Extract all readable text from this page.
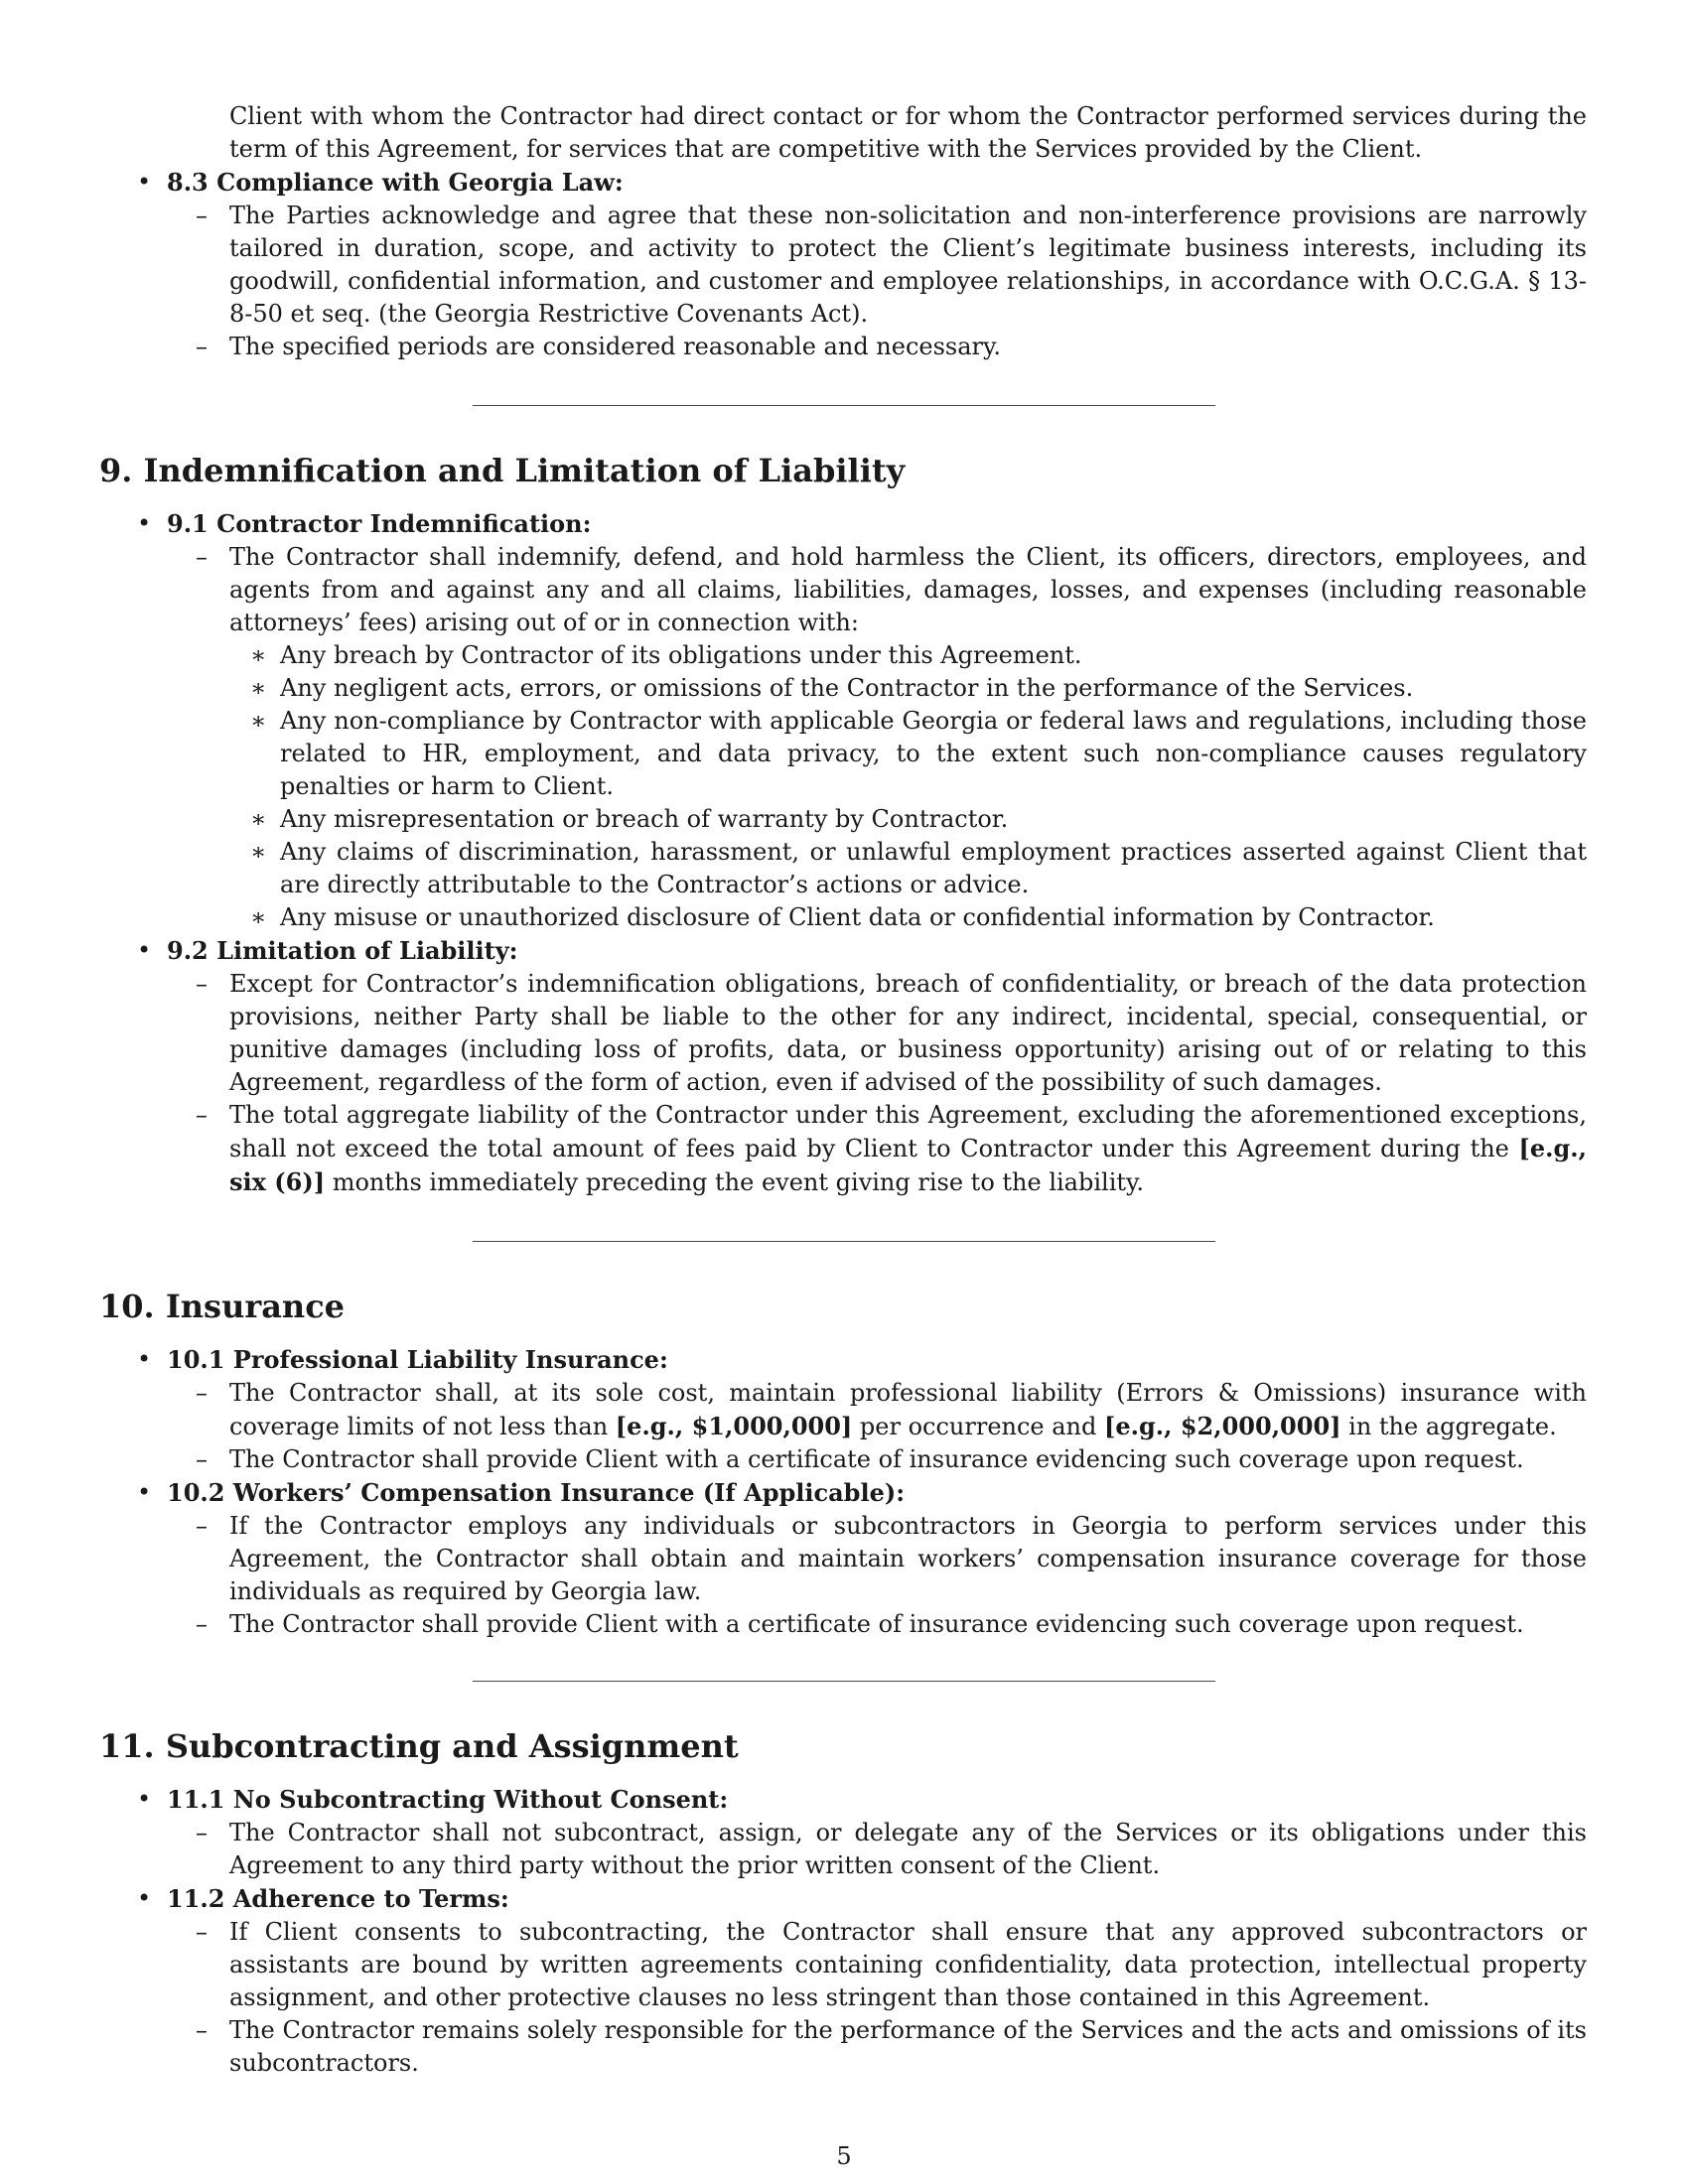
Client with whom the Contractor had direct contact or for whom the Contractor performed services during the term of this Agreement, for services that are competitive with the Services provided by the Client.

• 8.3 Compliance with Georgia Law:
– The Parties acknowledge and agree that these non-solicitation and non-interference provisions are narrowly tailored in duration, scope, and activity to protect the Client’s legitimate business interests, including its goodwill, confidential information, and customer and employee relationships, in accordance with O.C.G.A. § 13-8-50 et seq. (the Georgia Restrictive Covenants Act).
– The specified periods are considered reasonable and necessary.
9. Indemnification and Limitation of Liability
• 9.1 Contractor Indemnification:
– The Contractor shall indemnify, defend, and hold harmless the Client, its officers, directors, employees, and agents from and against any and all claims, liabilities, damages, losses, and expenses (including reasonable attorneys’ fees) arising out of or in connection with:
∗ Any breach by Contractor of its obligations under this Agreement.
∗ Any negligent acts, errors, or omissions of the Contractor in the performance of the Services.
∗ Any non-compliance by Contractor with applicable Georgia or federal laws and regulations, including those related to HR, employment, and data privacy, to the extent such non-compliance causes regulatory penalties or harm to Client.
∗ Any misrepresentation or breach of warranty by Contractor.
∗ Any claims of discrimination, harassment, or unlawful employment practices asserted against Client that are directly attributable to the Contractor’s actions or advice.
∗ Any misuse or unauthorized disclosure of Client data or confidential information by Contractor.
• 9.2 Limitation of Liability:
– Except for Contractor’s indemnification obligations, breach of confidentiality, or breach of the data protection provisions, neither Party shall be liable to the other for any indirect, incidental, special, consequential, or punitive damages (including loss of profits, data, or business opportunity) arising out of or relating to this Agreement, regardless of the form of action, even if advised of the possibility of such damages.
– The total aggregate liability of the Contractor under this Agreement, excluding the aforementioned exceptions, shall not exceed the total amount of fees paid by Client to Contractor under this Agreement during the [e.g., six (6)] months immediately preceding the event giving rise to the liability.
10. Insurance
• 10.1 Professional Liability Insurance:
– The Contractor shall, at its sole cost, maintain professional liability (Errors & Omissions) insurance with coverage limits of not less than [e.g., $1,000,000] per occurrence and [e.g., $2,000,000] in the aggregate.
– The Contractor shall provide Client with a certificate of insurance evidencing such coverage upon request.
• 10.2 Workers’ Compensation Insurance (If Applicable):
– If the Contractor employs any individuals or subcontractors in Georgia to perform services under this Agreement, the Contractor shall obtain and maintain workers’ compensation insurance coverage for those individuals as required by Georgia law.
– The Contractor shall provide Client with a certificate of insurance evidencing such coverage upon request.
11. Subcontracting and Assignment
• 11.1 No Subcontracting Without Consent:
– The Contractor shall not subcontract, assign, or delegate any of the Services or its obligations under this Agreement to any third party without the prior written consent of the Client.
• 11.2 Adherence to Terms:
– If Client consents to subcontracting, the Contractor shall ensure that any approved subcontractors or assistants are bound by written agreements containing confidentiality, data protection, intellectual property assignment, and other protective clauses no less stringent than those contained in this Agreement.
– The Contractor remains solely responsible for the performance of the Services and the acts and omissions of its subcontractors.
5
